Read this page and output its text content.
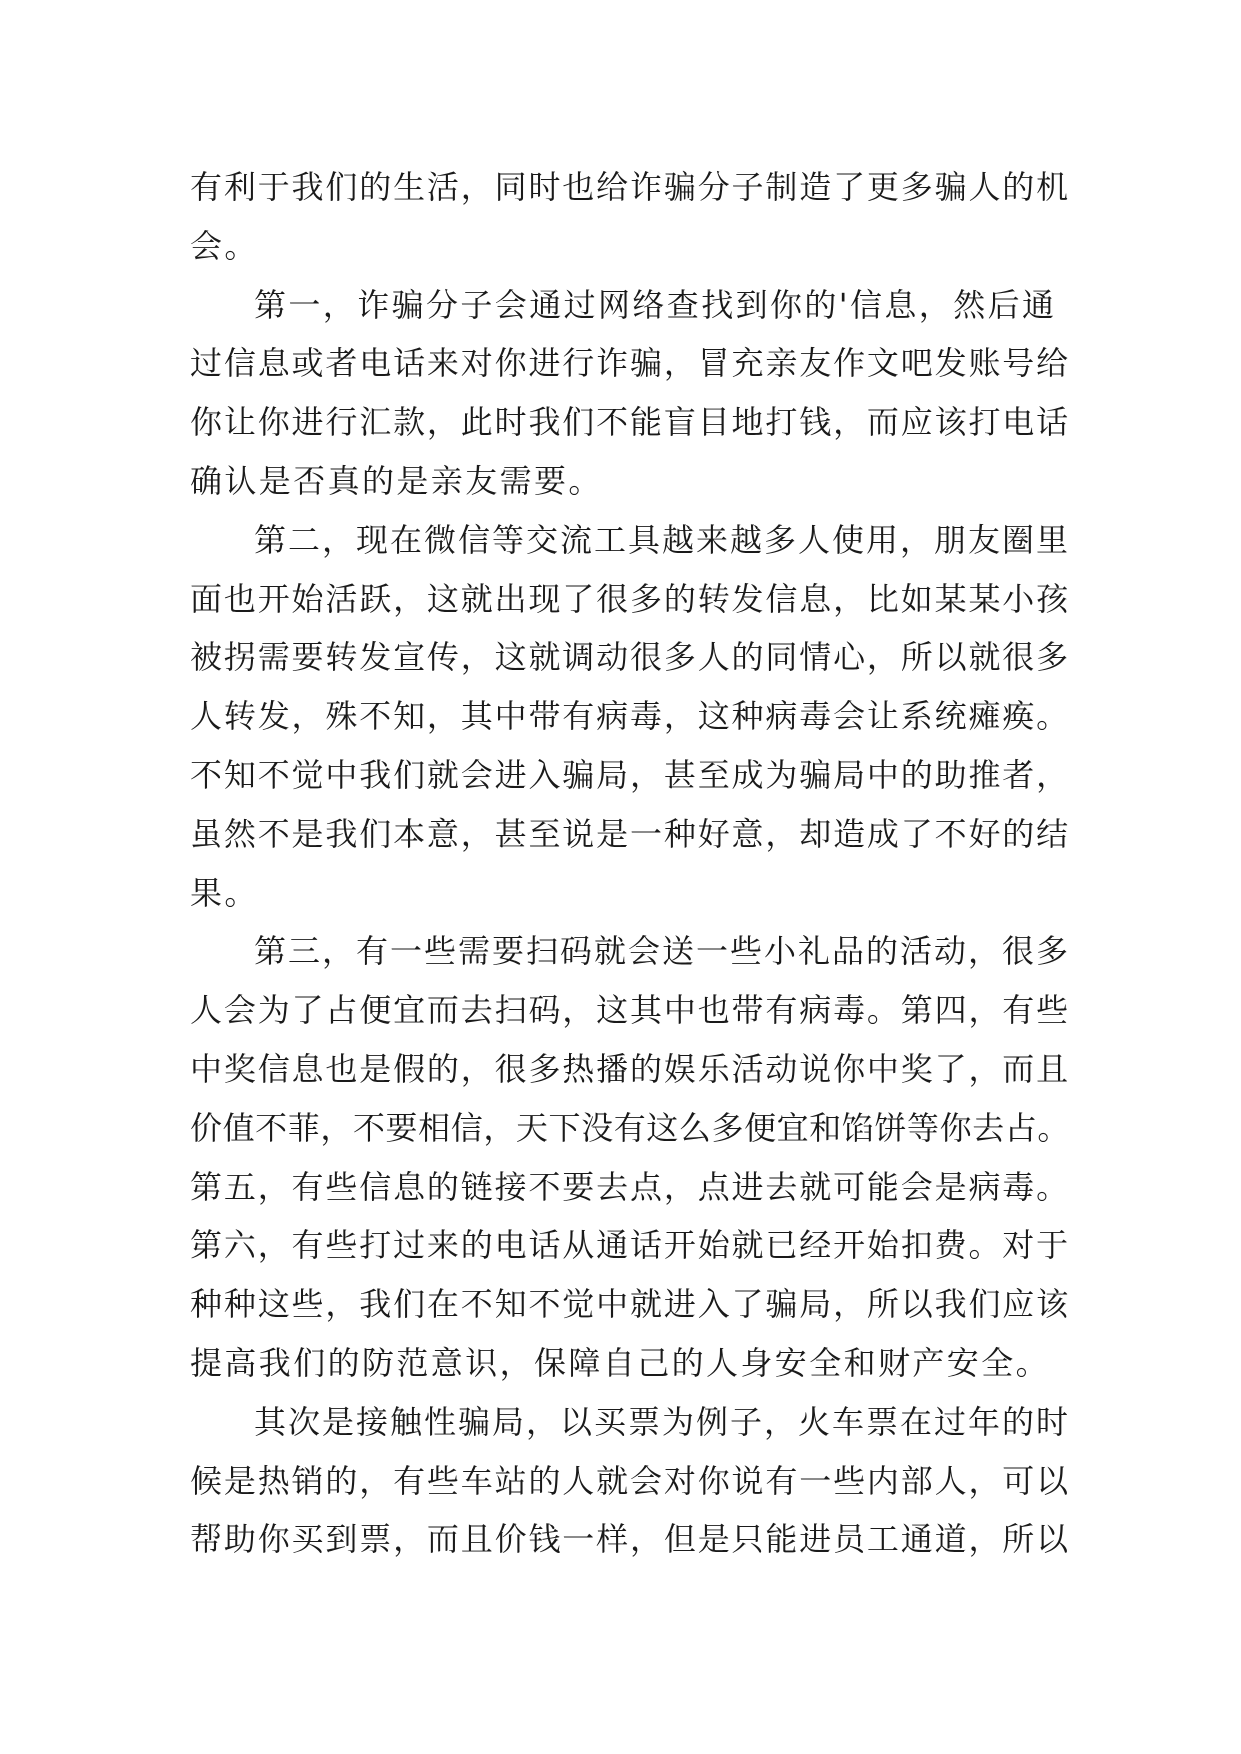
有利于我们的生活，同时也给诈骗分子制造了更多骗人的机
会。
第一，诈骗分子会通过网络查找到你的'信息，然后通
过信息或者电话来对你进行诈骗，冒充亲友作文吧发账号给
你让你进行汇款，此时我们不能盲目地打钱，而应该打电话
确认是否真的是亲友需要。
第二，现在微信等交流工具越来越多人使用，朋友圈里
面也开始活跃，这就出现了很多的转发信息，比如某某小孩
被拐需要转发宣传，这就调动很多人的同情心，所以就很多
人转发，殊不知，其中带有病毒，这种病毒会让系统瘫痪。
不知不觉中我们就会进入骗局，甚至成为骗局中的助推者，
虽然不是我们本意，甚至说是一种好意，却造成了不好的结
果。
第三，有一些需要扫码就会送一些小礼品的活动，很多
人会为了占便宜而去扫码，这其中也带有病毒。第四，有些
中奖信息也是假的，很多热播的娱乐活动说你中奖了，而且
价值不菲，不要相信，天下没有这么多便宜和馅饼等你去占。
第五，有些信息的链接不要去点，点进去就可能会是病毒。
第六，有些打过来的电话从通话开始就已经开始扣费。对于
种种这些，我们在不知不觉中就进入了骗局，所以我们应该
提高我们的防范意识，保障自己的人身安全和财产安全。
其次是接触性骗局，以买票为例子，火车票在过年的时
候是热销的，有些车站的人就会对你说有一些内部人，可以
帮助你买到票，而且价钱一样，但是只能进员工通道，所以
